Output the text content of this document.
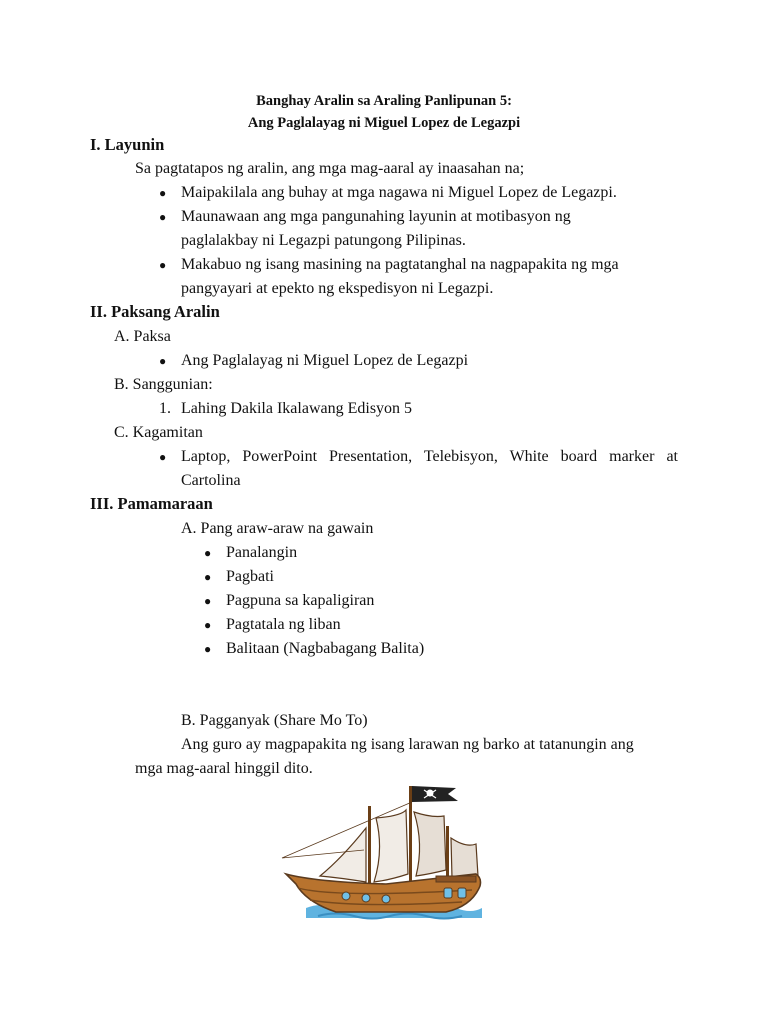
Banghay Aralin sa Araling Panlipunan 5:
Ang Paglalayag ni Miguel Lopez de Legazpi
I. Layunin
Sa pagtatapos ng aralin, ang mga mag-aaral ay inaasahan na;
● Maipakilala ang buhay at mga nagawa ni Miguel Lopez de Legazpi.
● Maunawaan ang mga pangunahing layunin at motibasyon ng
paglalakbay ni Legazpi patungong Pilipinas.
● Makabuo ng isang masining na pagtatanghal na nagpapakita ng mga
pangyayari at epekto ng ekspedisyon ni Legazpi.
II. Paksang Aralin
A. Paksa
● Ang Paglalayag ni Miguel Lopez de Legazpi
B. Sanggunian:
1. Lahing Dakila Ikalawang Edisyon 5
C. Kagamitan
● Laptop, PowerPoint Presentation, Telebisyon, White board marker at
Cartolina
III. Pamamaraan
A. Pang araw-araw na gawain
● Panalangin
● Pagbati
● Pagpuna sa kapaligiran
● Pagtatala ng liban
● Balitaan (Nagbabagang Balita)
B. Pagganyak (Share Mo To)
Ang guro ay magpapakita ng isang larawan ng barko at tatanungin ang
mga mag-aaral hinggil dito.
